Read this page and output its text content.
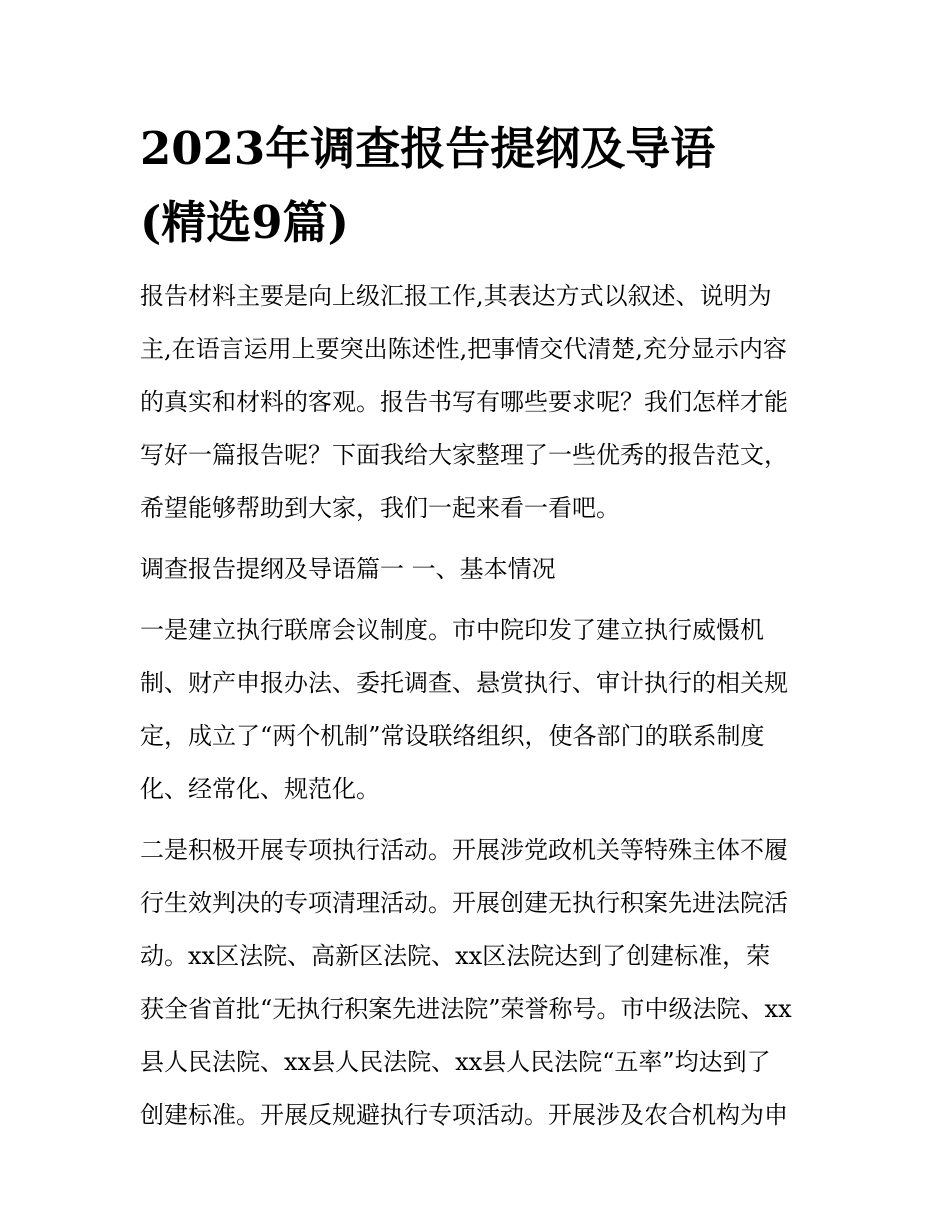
2023年调查报告提纲及导语
(精选9篇)

报告材料主要是向上级汇报工作,其表达方式以叙述、说明为
主,在语言运用上要突出陈述性,把事情交代清楚,充分显示内容
的真实和材料的客观。报告书写有哪些要求呢？我们怎样才能
写好一篇报告呢？下面我给大家整理了一些优秀的报告范文，
希望能够帮助到大家，我们一起来看一看吧。

调查报告提纲及导语篇一 一、基本情况

一是建立执行联席会议制度。市中院印发了建立执行威慑机
制、财产申报办法、委托调查、悬赏执行、审计执行的相关规
定，成立了“两个机制”常设联络组织，使各部门的联系制度
化、经常化、规范化。

二是积极开展专项执行活动。开展涉党政机关等特殊主体不履
行生效判决的专项清理活动。开展创建无执行积案先进法院活
动。xx区法院、高新区法院、xx区法院达到了创建标准，荣
获全省首批“无执行积案先进法院”荣誉称号。市中级法院、xx
县人民法院、xx县人民法院、xx县人民法院“五率”均达到了
创建标准。开展反规避执行专项活动。开展涉及农合机构为申
